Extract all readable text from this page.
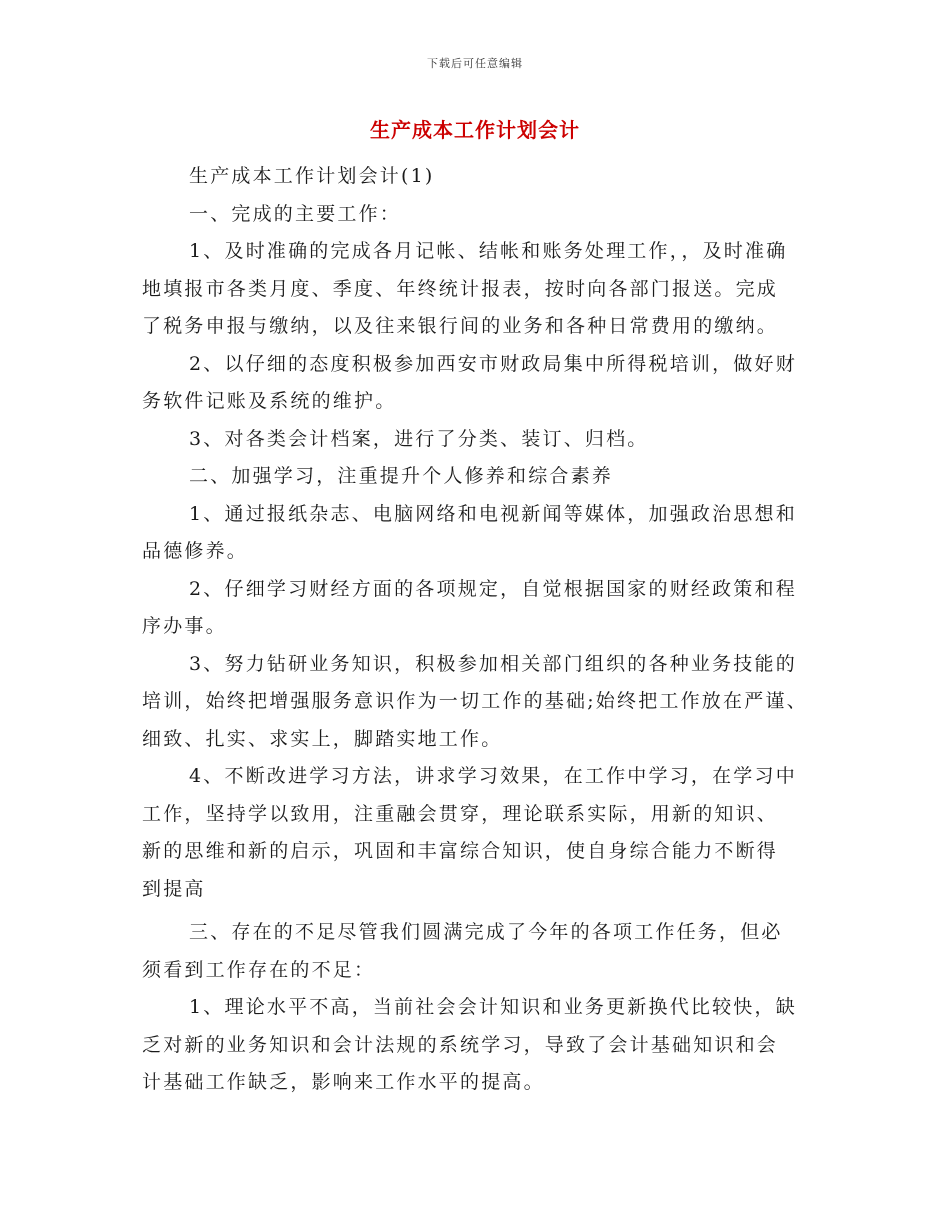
下载后可任意编辑
生产成本工作计划会计
生产成本工作计划会计(1)
一、完成的主要工作：
1、及时准确的完成各月记帐、结帐和账务处理工作，，及时准确
地填报市各类月度、季度、年终统计报表，按时向各部门报送。完成
了税务申报与缴纳，以及往来银行间的业务和各种日常费用的缴纳。
2、以仔细的态度积极参加西安市财政局集中所得税培训，做好财
务软件记账及系统的维护。
3、对各类会计档案，进行了分类、装订、归档。
二、加强学习，注重提升个人修养和综合素养
1、通过报纸杂志、电脑网络和电视新闻等媒体，加强政治思想和
品德修养。
2、仔细学习财经方面的各项规定，自觉根据国家的财经政策和程
序办事。
3、努力钻研业务知识，积极参加相关部门组织的各种业务技能的
培训，始终把增强服务意识作为一切工作的基础;始终把工作放在严谨、
细致、扎实、求实上，脚踏实地工作。
4、不断改进学习方法，讲求学习效果，在工作中学习，在学习中
工作，坚持学以致用，注重融会贯穿，理论联系实际，用新的知识、
新的思维和新的启示，巩固和丰富综合知识，使自身综合能力不断得
到提高
三、存在的不足尽管我们圆满完成了今年的各项工作任务，但必
须看到工作存在的不足：
1、理论水平不高，当前社会会计知识和业务更新换代比较快，缺
乏对新的业务知识和会计法规的系统学习，导致了会计基础知识和会
计基础工作缺乏，影响来工作水平的提高。
